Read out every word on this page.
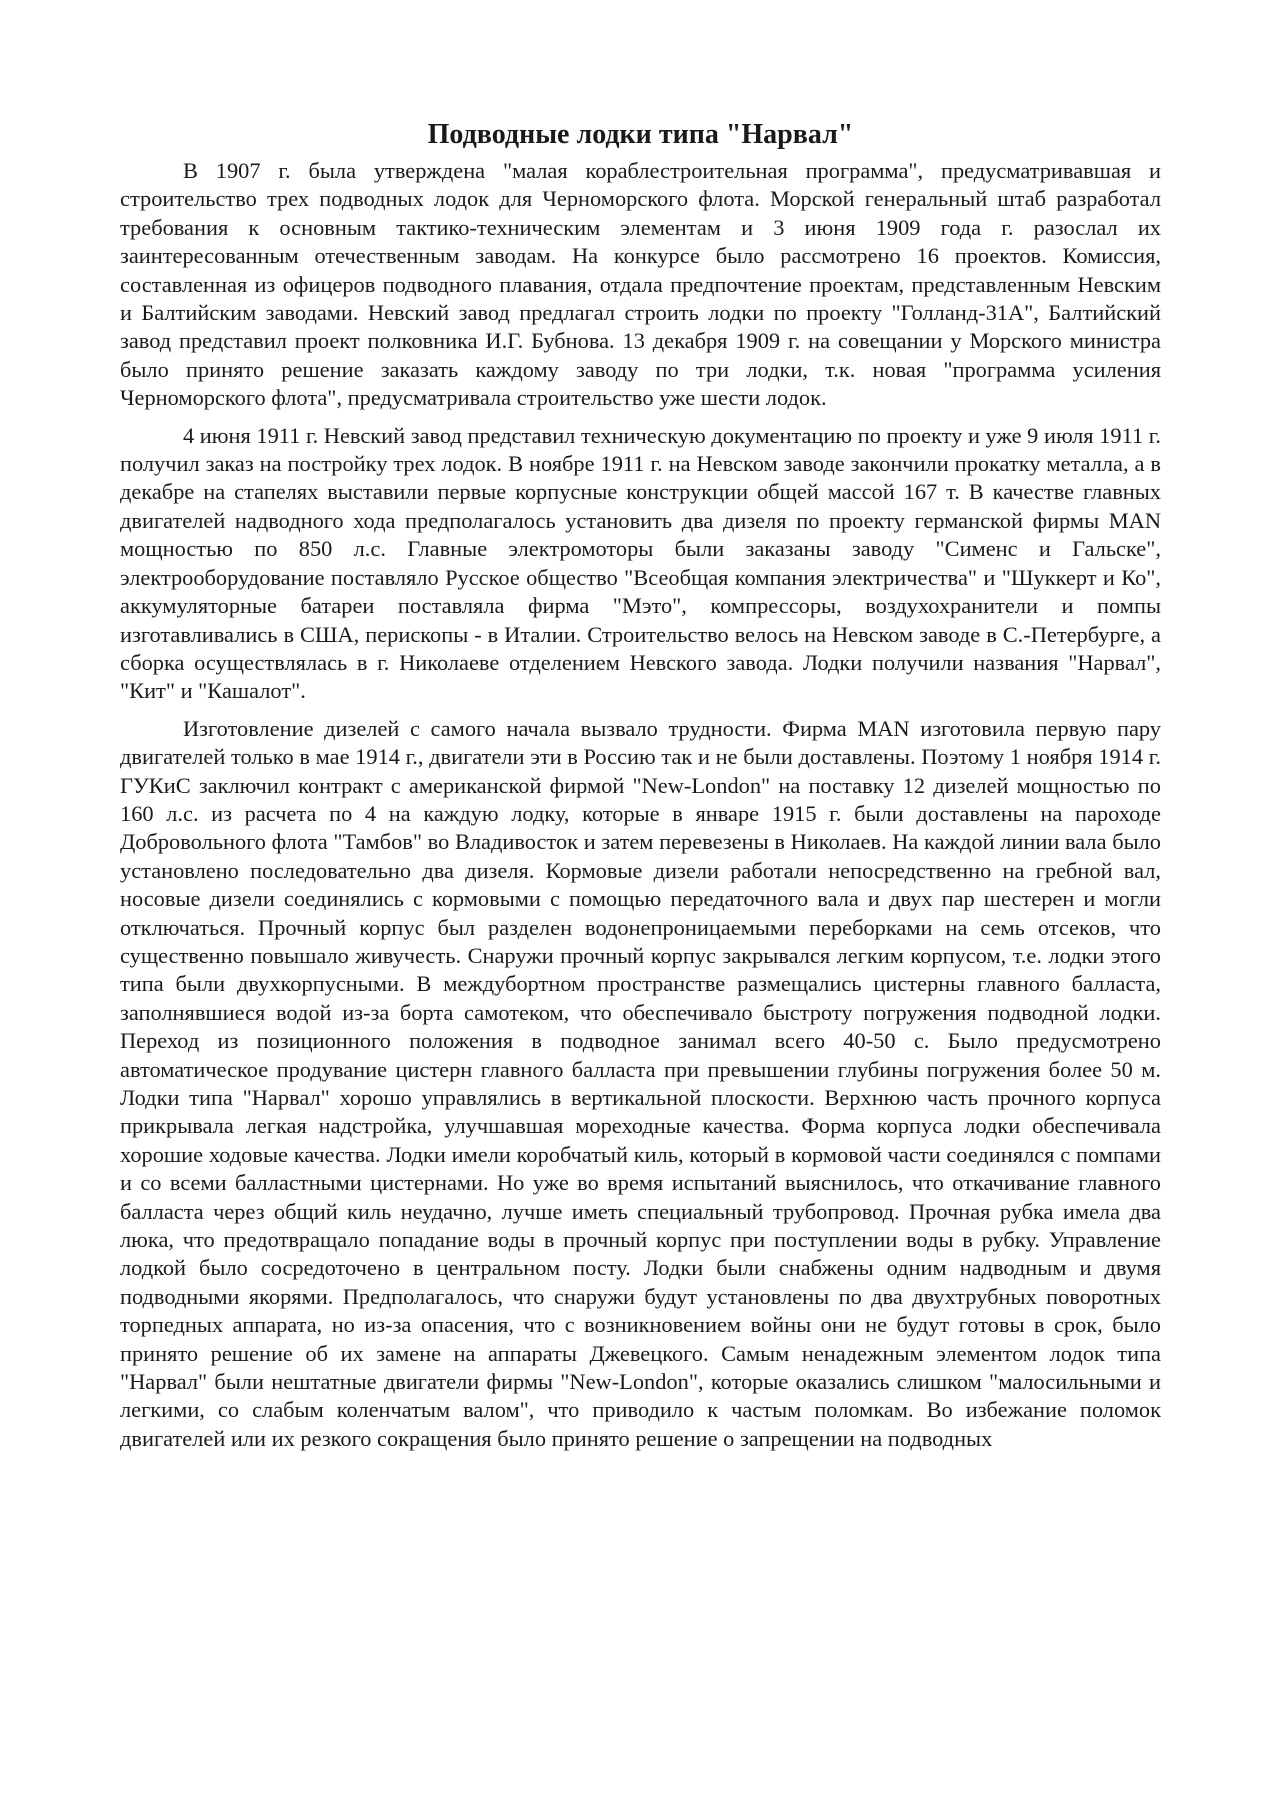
Подводные лодки типа "Нарвал"

В 1907 г. была утверждена "малая кораблестроительная программа", предусматривавшая и строительство трех подводных лодок для Черноморского флота. Морской генеральный штаб разработал требования к основным тактико-техническим элементам и 3 июня 1909 года г. разослал их заинтересованным отечественным заводам. На конкурсе было рассмотрено 16 проектов. Комиссия, составленная из офицеров подводного плавания, отдала предпочтение проектам, представленным Невским и Балтийским заводами. Невский завод предлагал строить лодки по проекту "Голланд-31А", Балтийский завод представил проект полковника И.Г. Бубнова. 13 декабря 1909 г. на совещании у Морского министра было принято решение заказать каждому заводу по три лодки, т.к. новая "программа усиления Черноморского флота", предусматривала строительство уже шести лодок.

4 июня 1911 г. Невский завод представил техническую документацию по проекту и уже 9 июля 1911 г. получил заказ на постройку трех лодок. В ноябре 1911 г. на Невском заводе закончили прокатку металла, а в декабре на стапелях выставили первые корпусные конструкции общей массой 167 т. В качестве главных двигателей надводного хода предполагалось установить два дизеля по проекту германской фирмы MAN мощностью по 850 л.с. Главные электромоторы были заказаны заводу "Сименс и Гальске", электрооборудование поставляло Русское общество "Всеобщая компания электричества" и "Шуккерт и Ко", аккумуляторные батареи поставляла фирма "Мэто", компрессоры, воздухохранители и помпы изготавливались в США, перископы - в Италии. Строительство велось на Невском заводе в С.-Петербурге, а сборка осуществлялась в г. Николаеве отделением Невского завода. Лодки получили названия "Нарвал", "Кит" и "Кашалот".

Изготовление дизелей с самого начала вызвало трудности. Фирма MAN изготовила первую пару двигателей только в мае 1914 г., двигатели эти в Россию так и не были доставлены. Поэтому 1 ноября 1914 г. ГУКиС заключил контракт с американской фирмой "New-London" на поставку 12 дизелей мощностью по 160 л.с. из расчета по 4 на каждую лодку, которые в январе 1915 г. были доставлены на пароходе Добровольного флота "Тамбов" во Владивосток и затем перевезены в Николаев. На каждой линии вала было установлено последовательно два дизеля. Кормовые дизели работали непосредственно на гребной вал, носовые дизели соединялись с кормовыми с помощью передаточного вала и двух пар шестерен и могли отключаться. Прочный корпус был разделен водонепроницаемыми переборками на семь отсеков, что существенно повышало живучесть. Снаружи прочный корпус закрывался легким корпусом, т.е. лодки этого типа были двухкорпусными. В междубортном пространстве размещались цистерны главного балласта, заполнявшиеся водой из-за борта самотеком, что обеспечивало быстроту погружения подводной лодки. Переход из позиционного положения в подводное занимал всего 40-50 с. Было предусмотрено автоматическое продувание цистерн главного балласта при превышении глубины погружения более 50 м. Лодки типа "Нарвал" хорошо управлялись в вертикальной плоскости. Верхнюю часть прочного корпуса прикрывала легкая надстройка, улучшавшая мореходные качества. Форма корпуса лодки обеспечивала хорошие ходовые качества. Лодки имели коробчатый киль, который в кормовой части соединялся с помпами и со всеми балластными цистернами. Но уже во время испытаний выяснилось, что откачивание главного балласта через общий киль неудачно, лучше иметь специальный трубопровод. Прочная рубка имела два люка, что предотвращало попадание воды в прочный корпус при поступлении воды в рубку. Управление лодкой было сосредоточено в центральном посту. Лодки были снабжены одним надводным и двумя подводными якорями. Предполагалось, что снаружи будут установлены по два двухтрубных поворотных торпедных аппарата, но из-за опасения, что с возникновением войны они не будут готовы в срок, было принято решение об их замене на аппараты Джевецкого. Самым ненадежным элементом лодок типа "Нарвал" были нештатные двигатели фирмы "New-London", которые оказались слишком "малосильными и легкими, со слабым коленчатым валом", что приводило к частым поломкам. Во избежание поломок двигателей или их резкого сокращения было принято решение о запрещении на подводных
